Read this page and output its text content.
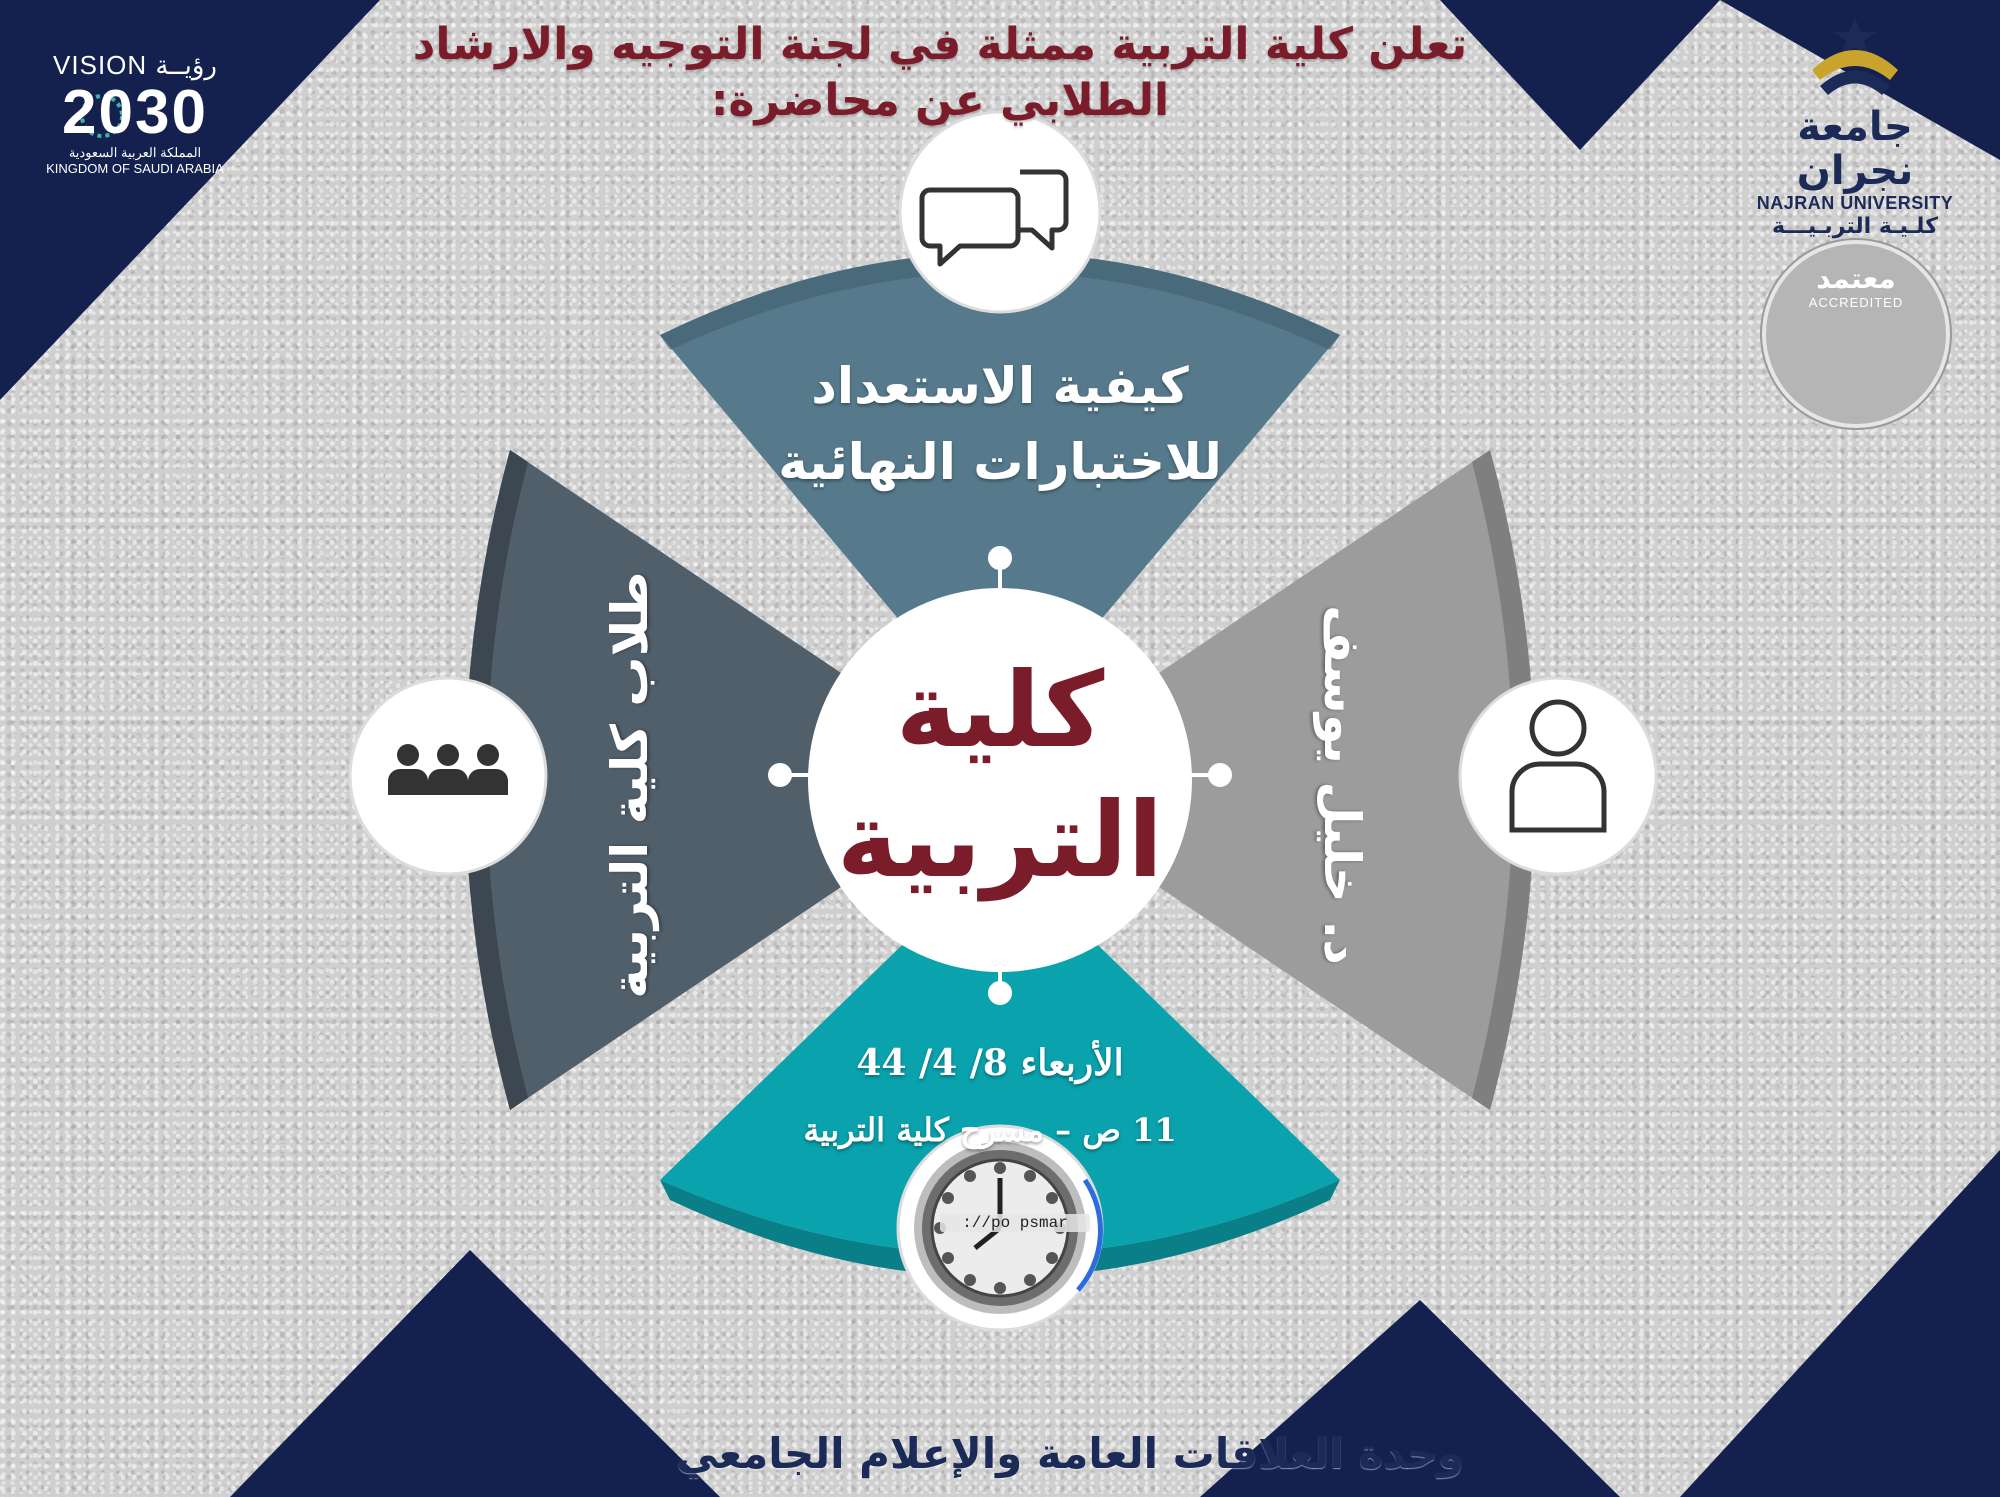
تعلن كلية التربية ممثلة في لجنة التوجيه والارشاد
الطلابي عن محاضرة:
VISION رؤيــة
2030
المملكة العربية السعودية
KINGDOM OF SAUDI ARABIA
جامعة نجران
NAJRAN UNIVERSITY
كلـيـة التربـيـــة
معتمد
ACCREDITED
كيفية الاستعداد
للاختبارات النهائية
طلاب كلية التربية	د. خليل يوسف
الأربعاء 8/ 4/ 44
11 ص – مسرح كلية التربية
كلية
التربية
://po psmar
وحدة العلاقات العامة والإعلام الجامعي
